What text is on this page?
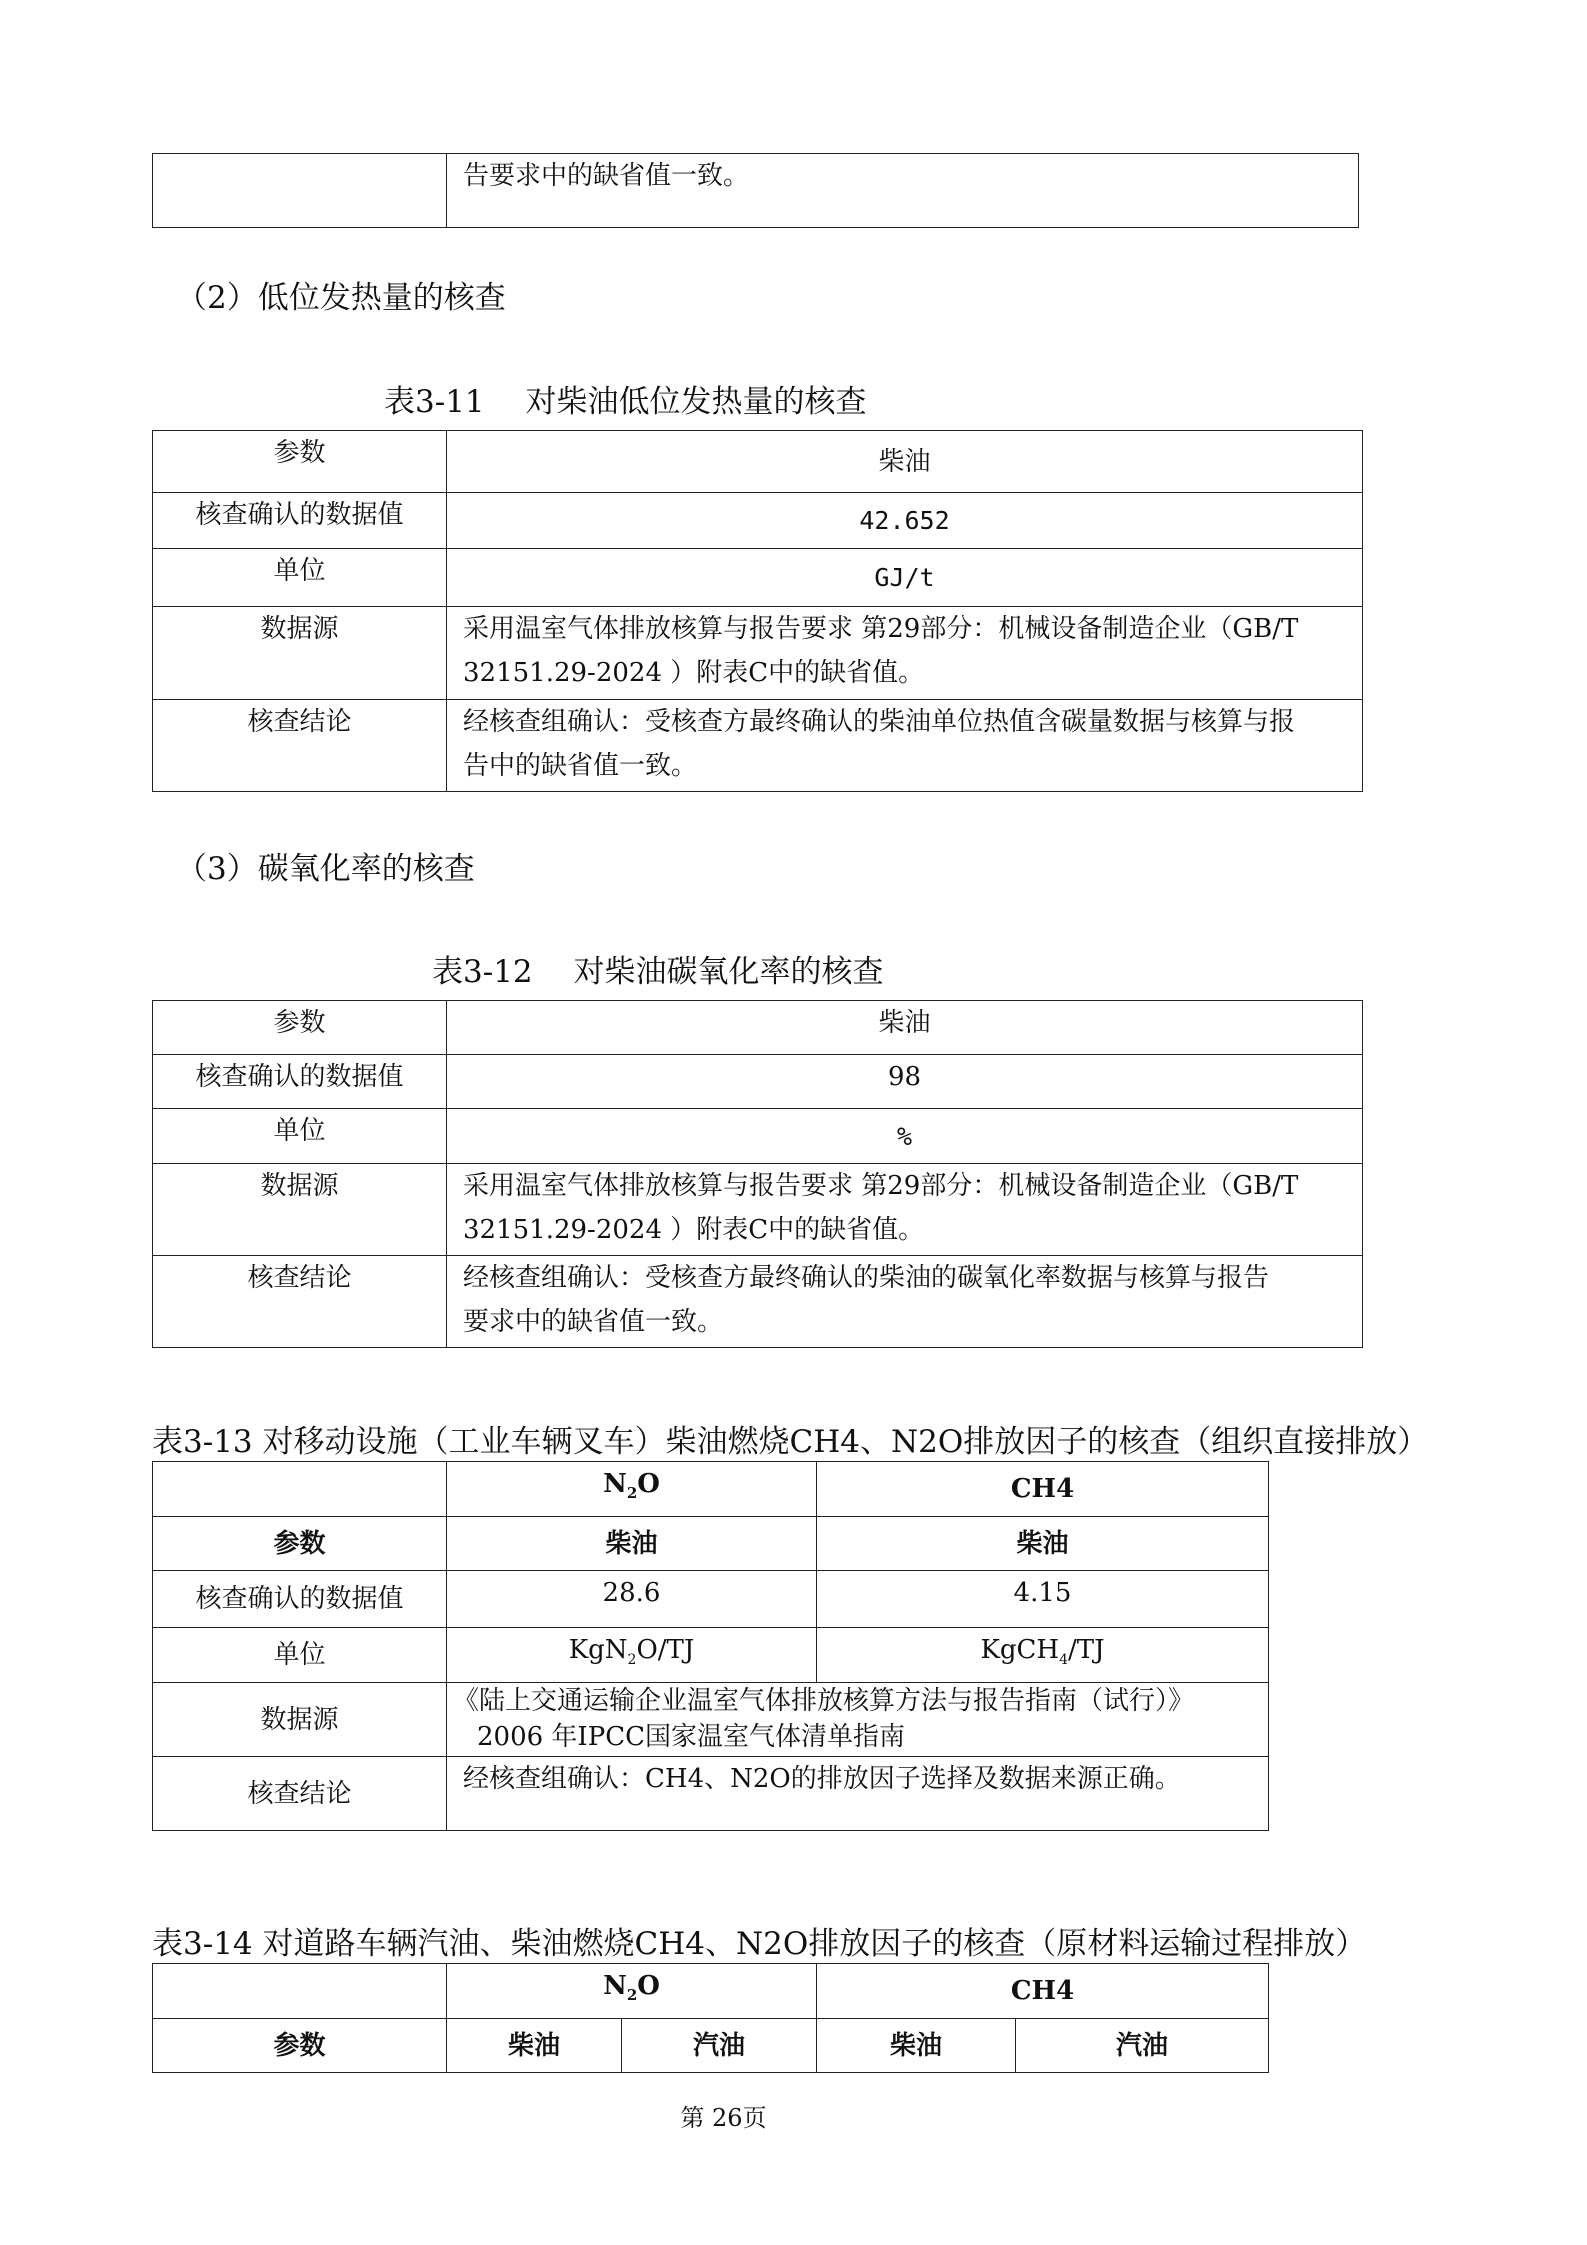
	告要求中的缺省值一致。
（2）低位发热量的核查
表3-11　 对柴油低位发热量的核查
参数	柴油
核查确认的数据值	42.652
单位	GJ/t
数据源	采用温室气体排放核算与报告要求 第29部分：机械设备制造企业（GB/T
32151.29-2024 ）附表C中的缺省值。

核查结论	经核查组确认：受核查方最终确认的柴油单位热值含碳量数据与核算与报
告中的缺省值一致。
（3）碳氧化率的核查
表3-12　 对柴油碳氧化率的核查
参数	柴油
核查确认的数据值	98
单位	%
数据源	采用温室气体排放核算与报告要求 第29部分：机械设备制造企业（GB/T
32151.29-2024 ）附表C中的缺省值。

核查结论	经核查组确认：受核查方最终确认的柴油的碳氧化率数据与核算与报告
要求中的缺省值一致。
表3-13 对移动设施（工业车辆叉车）柴油燃烧CH4、N2O排放因子的核查（组织直接排放）
	$N_2O$	CH4
参数	柴油	柴油
核查确认的数据值	28.6	4.15
单位	KgN$_2$O/TJ	KgCH$_4$/TJ
数据源	《陆上交通运输企业温室气体排放核算方法与报告指南（试行）》
2006 年IPCC国家温室气体清单指南	

核查结论	经核查组确认：CH4、N2O的排放因子选择及数据来源正确。	
表3-14 对道路车辆汽油、柴油燃烧CH4、N2O排放因子的核查（原材料运输过程排放）
	$N_2O$		CH4	
参数	柴油	汽油	柴油	汽油
第 26页
